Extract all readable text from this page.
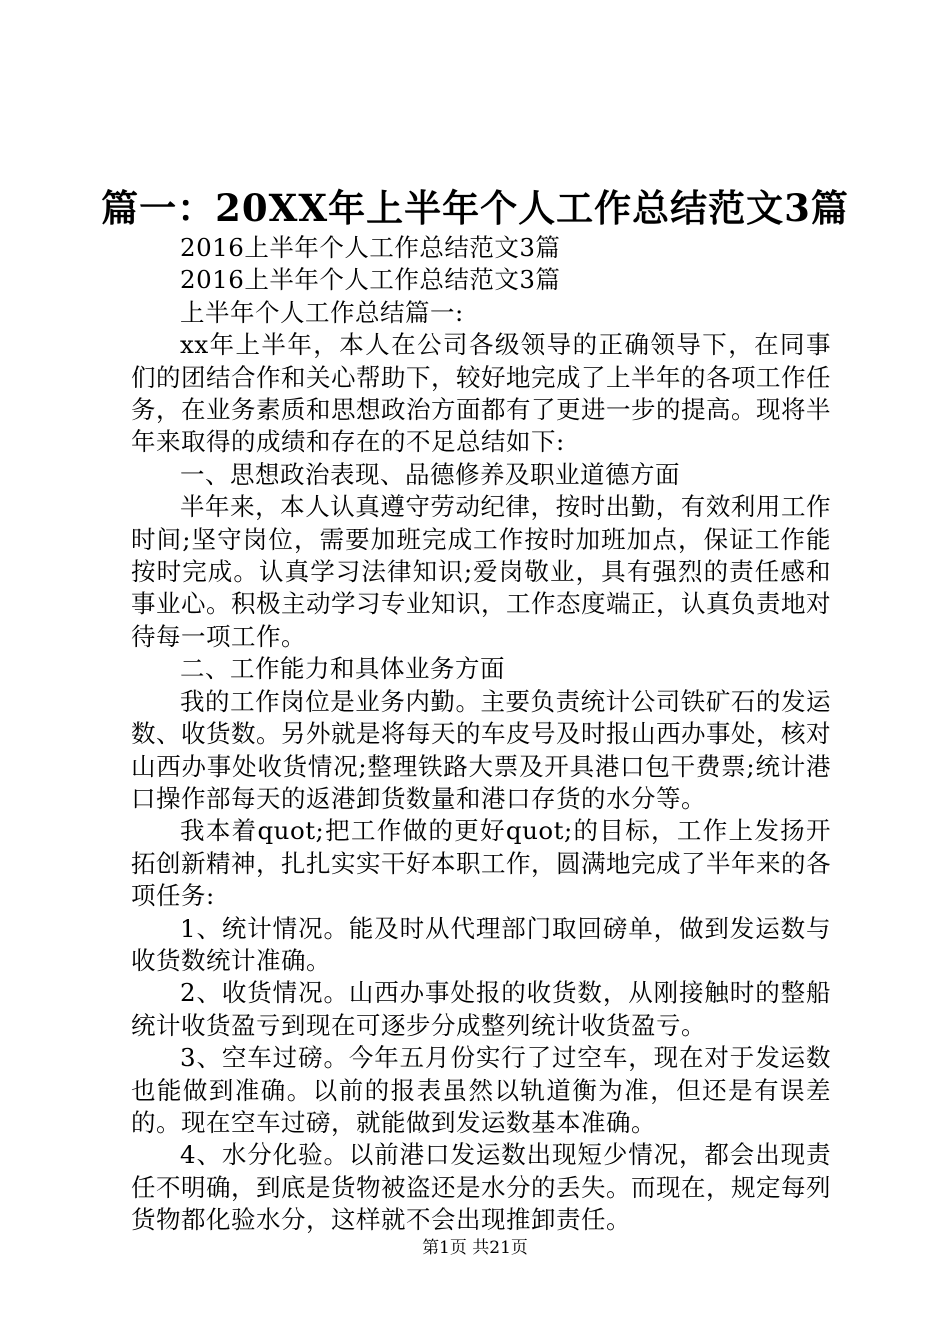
篇一：20XX年上半年个人工作总结范文3篇

2016上半年个人工作总结范文3篇

2016上半年个人工作总结范文3篇

上半年个人工作总结篇一:

xx年上半年，本人在公司各级领导的正确领导下，在同事们的团结合作和关心帮助下，较好地完成了上半年的各项工作任务，在业务素质和思想政治方面都有了更进一步的提高。现将半年来取得的成绩和存在的不足总结如下:

一、思想政治表现、品德修养及职业道德方面

半年来，本人认真遵守劳动纪律，按时出勤，有效利用工作时间;坚守岗位，需要加班完成工作按时加班加点，保证工作能按时完成。认真学习法律知识;爱岗敬业，具有强烈的责任感和事业心。积极主动学习专业知识，工作态度端正，认真负责地对待每一项工作。

二、工作能力和具体业务方面

我的工作岗位是业务内勤。主要负责统计公司铁矿石的发运数、收货数。另外就是将每天的车皮号及时报山西办事处，核对山西办事处收货情况;整理铁路大票及开具港口包干费票;统计港口操作部每天的返港卸货数量和港口存货的水分等。

我本着quot;把工作做的更好quot;的目标，工作上发扬开拓创新精神，扎扎实实干好本职工作，圆满地完成了半年来的各项任务:

1、统计情况。能及时从代理部门取回磅单，做到发运数与收货数统计准确。

2、收货情况。山西办事处报的收货数，从刚接触时的整船统计收货盈亏到现在可逐步分成整列统计收货盈亏。

3、空车过磅。今年五月份实行了过空车，现在对于发运数也能做到准确。以前的报表虽然以轨道衡为准，但还是有误差的。现在空车过磅，就能做到发运数基本准确。

4、水分化验。以前港口发运数出现短少情况，都会出现责任不明确，到底是货物被盗还是水分的丢失。而现在，规定每列货物都化验水分，这样就不会出现推卸责任。

第1页 共21页
